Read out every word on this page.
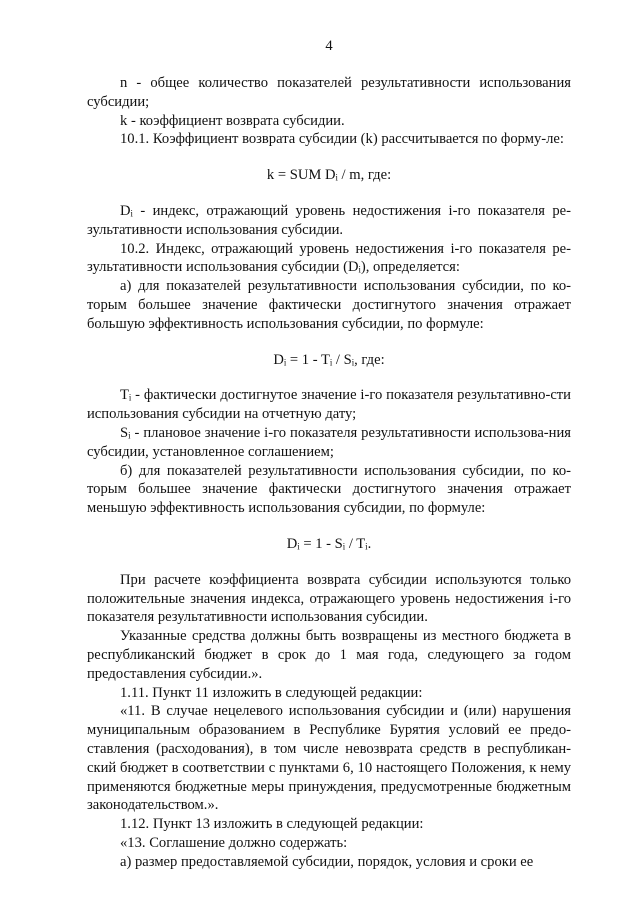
4

n - общее количество показателей результативности использования субсидии;

k - коэффициент возврата субсидии.

10.1. Коэффициент возврата субсидии (k) рассчитывается по форму-ле:

k = SUM Dᵢ / m, где:

Dᵢ - индекс, отражающий уровень недостижения i-го показателя ре-зультативности использования субсидии.

10.2. Индекс, отражающий уровень недостижения i-го показателя ре-зультативности использования субсидии (Dᵢ), определяется:

а) для показателей результативности использования субсидии, по ко-торым большее значение фактически достигнутого значения отражает большую эффективность использования субсидии, по формуле:

Dᵢ = 1 - Tᵢ / Sᵢ, где:

Tᵢ - фактически достигнутое значение i-го показателя результативно-сти использования субсидии на отчетную дату;

Sᵢ - плановое значение i-го показателя результативности использова-ния субсидии, установленное соглашением;

б) для показателей результативности использования субсидии, по ко-торым большее значение фактически достигнутого значения отражает меньшую эффективность использования субсидии, по формуле:

Dᵢ = 1 - Sᵢ / Tᵢ.

При расчете коэффициента возврата субсидии используются только положительные значения индекса, отражающего уровень недостижения i-го показателя результативности использования субсидии.

Указанные средства должны быть возвращены из местного бюджета в республиканский бюджет в срок до 1 мая года, следующего за годом предоставления субсидии.».

1.11. Пункт 11 изложить в следующей редакции:

«11. В случае нецелевого использования субсидии и (или) нарушения муниципальным образованием в Республике Бурятия условий ее предо-ставления (расходования), в том числе невозврата средств в республикан-ский бюджет в соответствии с пунктами 6, 10 настоящего Положения, к нему применяются бюджетные меры принуждения, предусмотренные бюджетным законодательством.».

1.12. Пункт 13 изложить в следующей редакции:

«13. Соглашение должно содержать:

а) размер предоставляемой субсидии, порядок, условия и сроки ее
